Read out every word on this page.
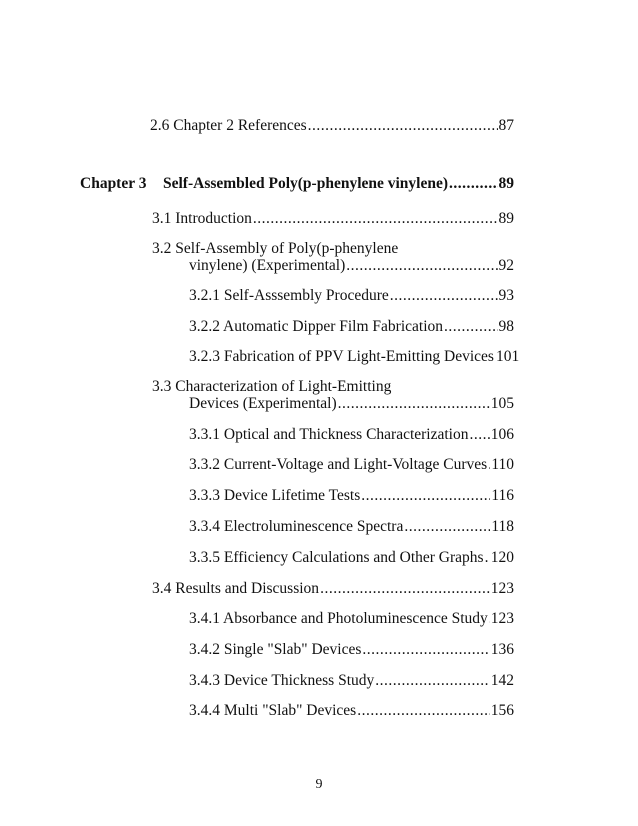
2.6 Chapter 2 References .....	87
Chapter 3 Self-Assembled Poly(p-phenylene vinylene) .....	89
3.1 Introduction .....	89
3.2 Self-Assembly of Poly(p-phenylene
vinylene) (Experimental) .....	92
3.2.1 Self-Asssembly Procedure .....	93
3.2.2 Automatic Dipper Film Fabrication .....	98
3.2.3 Fabrication of PPV Light-Emitting Devices 101
3.3 Characterization of Light-Emitting
Devices (Experimental) .....	105
3.3.1 Optical and Thickness Characterization ..... 106
3.3.2 Current-Voltage and Light-Voltage Curves ..... 110
3.3.3 Device Lifetime Tests .....	116
3.3.4 Electroluminescence Spectra .....	118
3.3.5 Efficiency Calculations and Other Graphs ..... 120
3.4 Results and Discussion .....	123
3.4.1 Absorbance and Photoluminescence Study ..... 123
3.4.2 Single "Slab" Devices .....	136
3.4.3 Device Thickness Study .....	142
3.4.4 Multi "Slab" Devices .....	156
9
